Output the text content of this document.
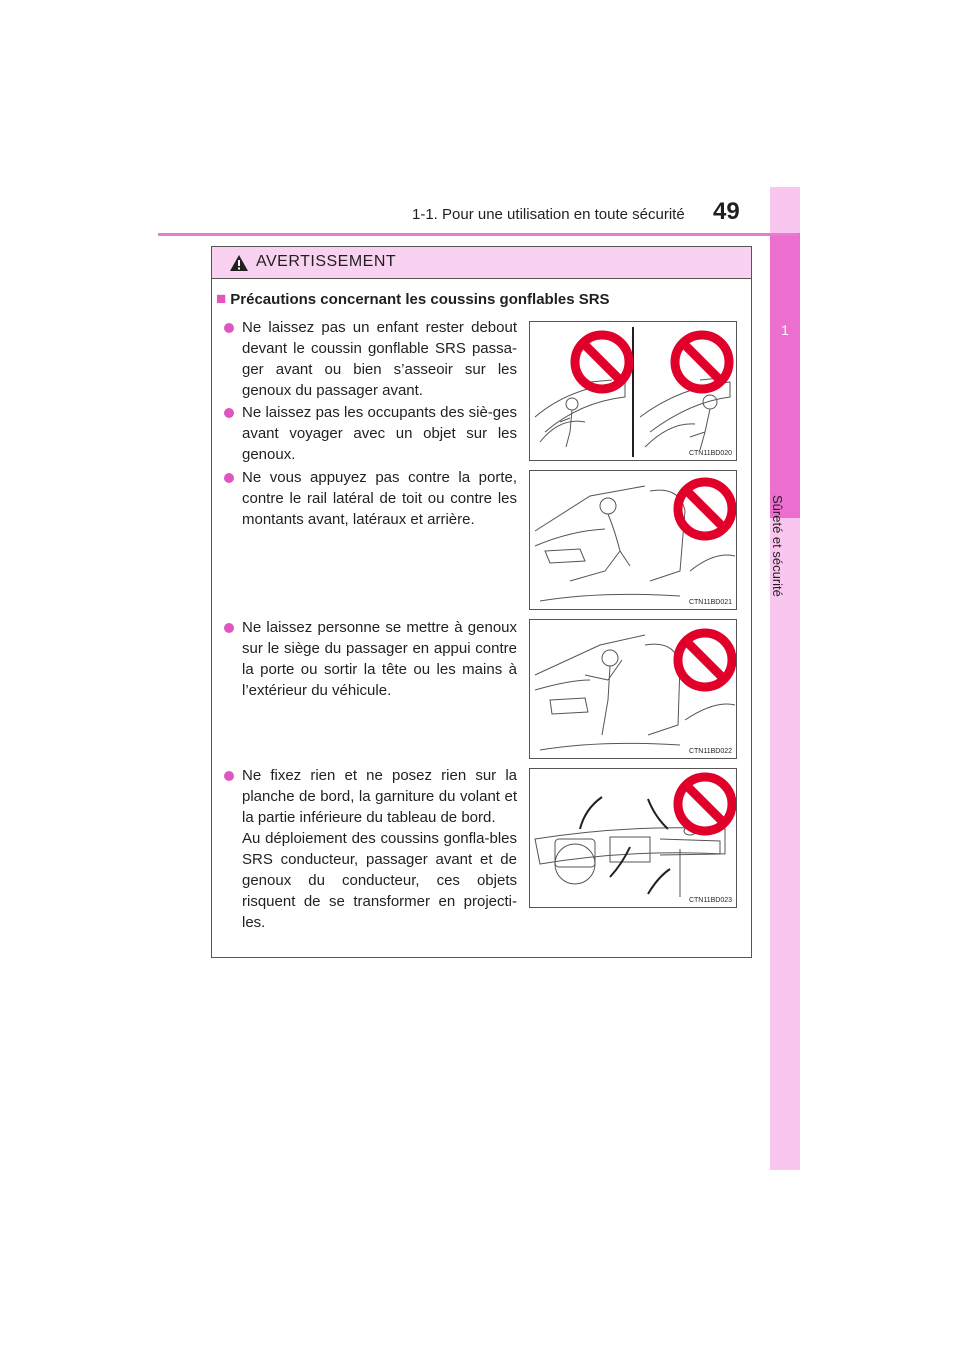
1
Sûreté et sécurité
1-1. Pour une utilisation en toute sécurité 49
AVERTISSEMENT
■ Précautions concernant les coussins gonflables SRS
Ne laissez pas un enfant rester debout devant le coussin gonflable SRS passa-ger avant ou bien s’asseoir sur les genoux du passager avant.
Ne laissez pas les occupants des siè-ges avant voyager avec un objet sur les genoux.
Ne vous appuyez pas contre la porte, contre le rail latéral de toit ou contre les montants avant, latéraux et arrière.
Ne laissez personne se mettre à genoux sur le siège du passager en appui contre la porte ou sortir la tête ou les mains à l’extérieur du véhicule.
Ne fixez rien et ne posez rien sur la planche de bord, la garniture du volant et la partie inférieure du tableau de bord.
Au déploiement des coussins gonfla-bles SRS conducteur, passager avant et de genoux du conducteur, ces objets risquent de se transformer en projecti-les.
CTN11BD020
CTN11BD021
CTN11BD022
CTN11BD023
